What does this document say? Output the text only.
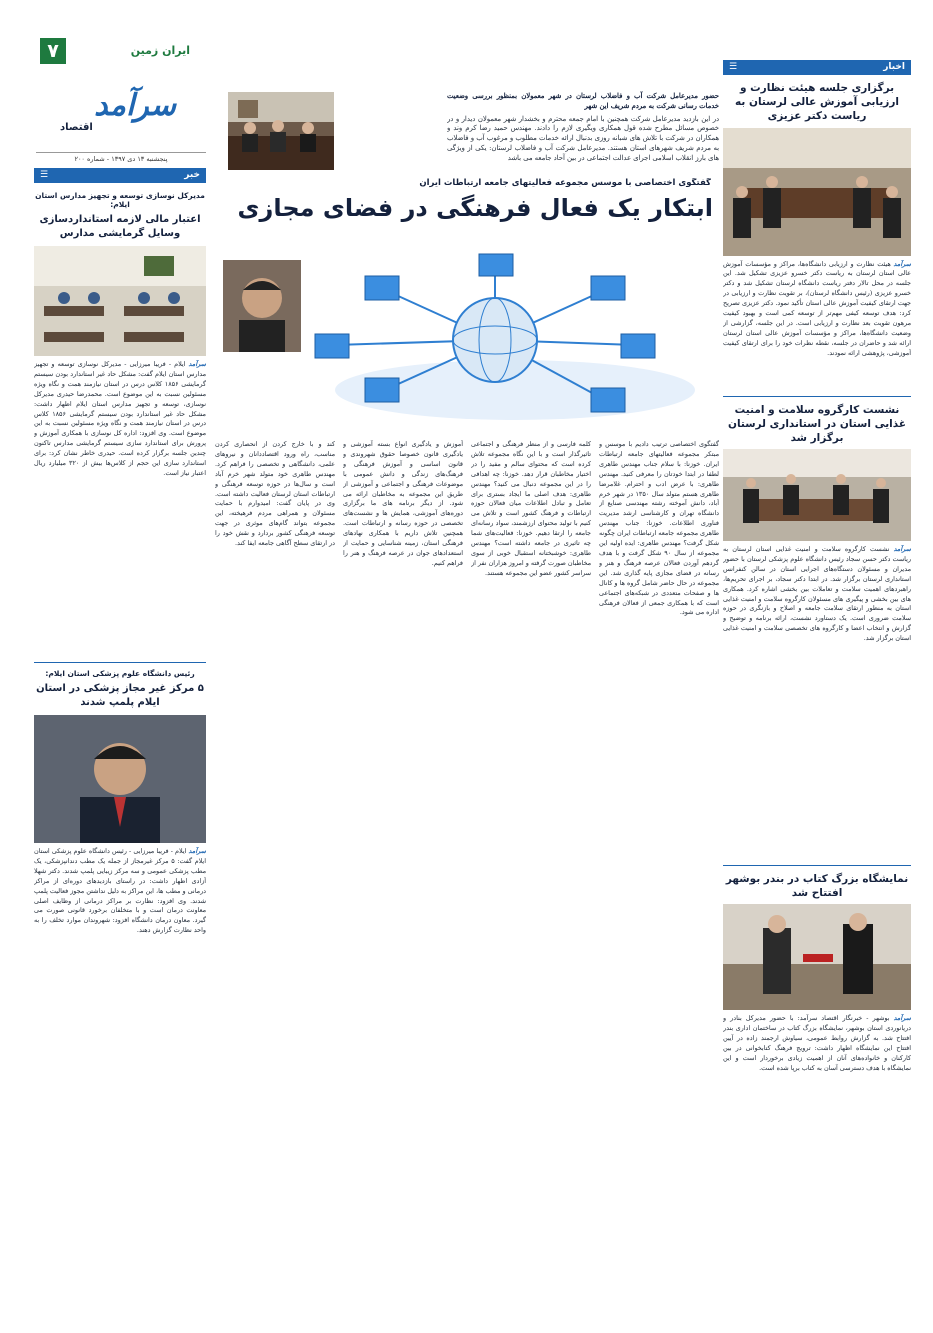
۷	ایران زمین
سرآمد
اقتصاد
پنجشنبه ۱۳ دی ۱۳۹۷ - شماره ۲۰۰
حضور مدیرعامل شرکت آب و فاضلاب لرستان در شهر معمولان بمنظور بررسی وضعیت خدمات رسانی شرکت به مردم شریف این شهر
در این بازدید مدیرعامل شرکت همچنین با امام جمعه محترم و بخشدار شهر معمولان دیدار و در خصوص مسائل مطرح شده قول همکاری ویگیری لازم را دادند. مهندس حمید رضا کرم وند و همکاران در شرکت با تلاش های شبانه روزی بدنبال ارائه خدمات مطلوب و مرغوب آب و فاضلاب به مردم شریف شهرهای استان هستند. مدیرعامل شرکت آب و فاضلاب لرستان: یکی از ویژگی های بارز انقلاب اسلامی اجرای عدالت اجتماعی در بین آحاد جامعه می باشد
اخبار
☰
برگزاری جلسه هیئت نظارت و ارزیابی آموزش عالی لرستان به ریاست دکتر عزیزی
سرآمد هیئت نظارت و ارزیابی دانشگاه‌ها، مراکز و مؤسسات آموزش عالی استان لرستان به ریاست دکتر خسرو عزیزی تشکیل شد. این جلسه در محل تالار دفتر ریاست دانشگاه لرستان تشکیل شد و دکتر خسرو عزیزی (رئیس دانشگاه لرستان)، بر تقویت نظارت و ارزیابی در جهت ارتقای کیفیت آموزش عالی استان تأکید نمود. دکتر عزیزی تصریح کرد: هدف توسعه کیفی مهم‌تر از توسعه کمی است و بهبود کیفیت مرهون تقویت بعد نظارت و ارزیابی است. در این جلسه، گزارشی از وضعیت دانشگاه‌ها، مراکز و مؤسسات آموزش عالی استان لرستان ارائه شد و حاضران در جلسه، نقطه نظرات خود را برای ارتقای کیفیت آموزشی، پژوهشی ارائه نمودند.
نشست کارگروه سلامت و امنیت غذایی استان در استانداری لرستان برگزار شد
سرآمد نشست کارگروه سلامت و امنیت غذایی استان لرستان به ریاست دکتر حسن سجاد رئیس دانشگاه علوم پزشکی لرستان با حضور مدیران و مسئولان دستگاه‌های اجرایی استان در سالن کنفرانس استانداری لرستان برگزار شد. در ابتدا دکتر سجاد، بر اجرای تحریم‌ها، راهبردهای اهمیت سلامت و تعاملات بین بخشی اشاره کرد. همکاری های بین بخشی و پیگیری های مسئولان کارگروه سلامت و امنیت غذایی استان به منظور ارتقای سلامت جامعه و اصلاح و بازنگری در حوزه سلامت ضروری است. یک دستاورد نشست، ارائه برنامه و توضیح و گزارش و انتخاب اعضا و کارگروه های تخصصی سلامت و امنیت غذایی استان برگزار شد.
نمایشگاه بزرگ کتاب در بندر بوشهر افتتاح شد
سرآمد بوشهر - خبرنگار اقتصاد سرآمد: با حضور مدیرکل بنادر و دریانوردی استان بوشهر، نمایشگاه بزرگ کتاب در ساختمان اداری بندر افتتاح شد. به گزارش روابط عمومی، سیاوش ارجمند زاده در آیین افتتاح این نمایشگاه اظهار داشت: ترویج فرهنگ کتابخوانی در بین کارکنان و خانواده‌های آنان از اهمیت زیادی برخوردار است و این نمایشگاه با هدف دسترسی آسان به کتاب برپا شده است.
گفتگوی اختصاصی با موسس مجموعه فعالیتهای جامعه ارتباطات ایران
ابتکار یک فعال فرهنگی در فضای مجازی
گفتگوی اختصاصی ترتیب دادیم با موسس و مبتکر مجموعه فعالیتهای جامعه ارتباطات ایران. خوزنا: با سلام جناب مهندس طاهری لطفا در ابتدا خودتان را معرفی کنید. مهندس طاهری: با عرض ادب و احترام. غلامرضا طاهری هستم متولد سال ۱۳۵۰ در شهر خرم آباد، دانش آموخته رشته مهندسی صنایع از دانشگاه تهران و کارشناسی ارشد مدیریت فناوری اطلاعات. خوزنا: جناب مهندس طاهری مجموعه جامعه ارتباطات ایران چگونه شکل گرفت؟ مهندس طاهری: ایده اولیه این مجموعه از سال ۹۰ شکل گرفت و با هدف گردهم آوردن فعالان عرصه فرهنگ و هنر و رسانه در فضای مجازی پایه گذاری شد. این مجموعه در حال حاضر شامل گروه ها و کانال ها و صفحات متعددی در شبکه‌های اجتماعی است که با همکاری جمعی از فعالان فرهنگی اداره می شود.
کلمه فارسی و از منظر فرهنگی و اجتماعی تاثیرگذار است و با این نگاه مجموعه تلاش کرده است که محتوای سالم و مفید را در اختیار مخاطبان قرار دهد. خوزنا: چه اهدافی را در این مجموعه دنبال می کنید؟ مهندس طاهری: هدف اصلی ما ایجاد بستری برای تعامل و تبادل اطلاعات میان فعالان حوزه ارتباطات و فرهنگ کشور است و تلاش می کنیم با تولید محتوای ارزشمند، سواد رسانه‌ای جامعه را ارتقا دهیم. خوزنا: فعالیت‌های شما چه تاثیری در جامعه داشته است؟ مهندس طاهری: خوشبختانه استقبال خوبی از سوی مخاطبان صورت گرفته و امروز هزاران نفر از سراسر کشور عضو این مجموعه هستند.
آموزش و یادگیری انواع بسته آموزشی و یادگیری قانون خصوصا حقوق شهروندی و قانون اساسی و آموزش فرهنگی و فرهنگ‌های زندگی و دانش عمومی با موضوعات فرهنگی و اجتماعی و آموزشی از طریق این مجموعه به مخاطبان ارائه می شود. از دیگر برنامه های ما برگزاری دوره‌های آموزشی، همایش ها و نشست‌های تخصصی در حوزه رسانه و ارتباطات است. همچنین تلاش داریم با همکاری نهادهای فرهنگی استان، زمینه شناسایی و حمایت از استعدادهای جوان در عرصه فرهنگ و هنر را فراهم کنیم.
کند و با خارج کردن از انحصاری کردن مناسب، راه ورود اقتصاددانان و نیروهای علمی، دانشگاهی و تخصصی را فراهم کرد. مهندس طاهری خود متولد شهر خرم آباد است و سال‌ها در حوزه توسعه فرهنگی و ارتباطات استان لرستان فعالیت داشته است. وی در پایان گفت: امیدوارم با حمایت مسئولان و همراهی مردم فرهیخته، این مجموعه بتواند گام‌های موثری در جهت توسعه فرهنگی کشور بردارد و نقش خود را در ارتقای سطح آگاهی جامعه ایفا کند.
خبر
☰
مدیرکل نوسازی توسعه و تجهیز مدارس استان ایلام:
اعتبار مالی لازمه استانداردسازی وسایل گرمایشی مدارس
سرآمد ایلام - فریبا میرزایی - مدیرکل نوسازی توسعه و تجهیز مدارس استان ایلام گفت: مشکل حاد غیر استاندارد بودن سیستم گرمایشی ۱۸۵۶ کلاس درس در استان نیازمند همت و نگاه ویژه مسئولین نسبت به این موضوع است. محمدرضا حیدری مدیرکل نوسازی، توسعه و تجهیز مدارس استان ایلام اظهار داشت: مشکل حاد غیر استاندارد بودن سیستم گرمایشی ۱۸۵۶ کلاس درس در استان نیازمند همت و نگاه ویژه مسئولین نسبت به این موضوع است. وی افزود: اداره کل نوسازی با همکاری آموزش و پرورش برای استاندارد سازی سیستم گرمایشی مدارس تاکنون چندین جلسه برگزار کرده است. حیدری خاطر نشان کرد: برای استاندارد سازی این حجم از کلاس‌ها بیش از ۳۲۰ میلیارد ریال اعتبار نیاز است.
رئیس دانشگاه علوم پزشکی استان ایلام:
۵ مرکز غیر مجاز پزشکی در استان ایلام پلمپ شدند
سرآمد ایلام - فریبا میرزایی - رئیس دانشگاه علوم پزشکی استان ایلام گفت: ۵ مرکز غیرمجاز از جمله یک مطب دندانپزشکی، یک مطب پزشکی عمومی و سه مرکز زیبایی پلمپ شدند. دکتر شهلا آزادی اظهار داشت: در راستای بازدیدهای دوره‌ای از مراکز درمانی و مطب ها، این مراکز به دلیل نداشتن مجوز فعالیت پلمپ شدند. وی افزود: نظارت بر مراکز درمانی از وظایف اصلی معاونت درمان است و با متخلفان برخورد قانونی صورت می گیرد. معاون درمان دانشگاه افزود: شهروندان موارد تخلف را به واحد نظارت گزارش دهند.
